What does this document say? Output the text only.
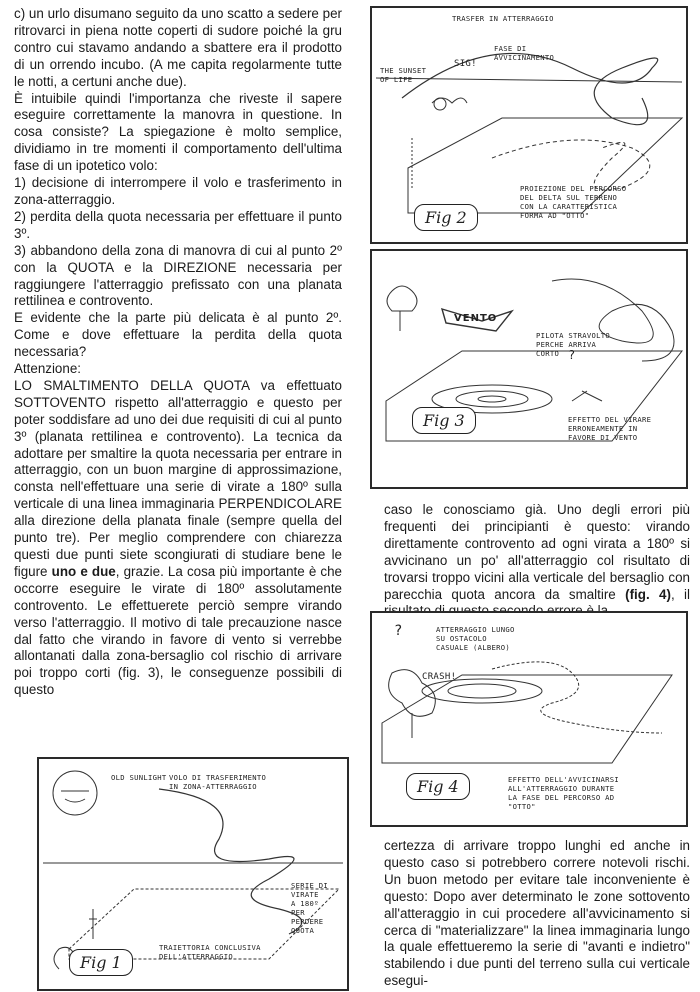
c) un urlo disumano seguito da uno scatto a sedere per ritrovarci in piena notte coperti di sudore poiché la gru contro cui stavamo andando a sbattere era il prodotto di un orrendo incubo. (A me capita regolarmente tutte le notti, a certuni anche due).

È intuibile quindi l'importanza che riveste il sapere eseguire correttamente la manovra in questione. In cosa consiste? La spiegazione è molto semplice, dividiamo in tre momenti il comportamento dell'ultima fase di un ipotetico volo:

1) decisione di interrompere il volo e trasferimento in zona-atterraggio.

2) perdita della quota necessaria per effettuare il punto 3º.

3) abbandono della zona di manovra di cui al punto 2º con la QUOTA e la DIREZIONE necessaria per raggiungere l'atterraggio prefissato con una planata rettilinea e controvento.

E evidente che la parte più delicata è al punto 2º. Come e dove effettuare la perdita della quota necessaria?

Attenzione:

LO SMALTIMENTO DELLA QUOTA va effettuato SOTTOVENTO rispetto all'atterraggio e questo per poter soddisfare ad uno dei due requisiti di cui al punto 3º (planata rettilinea e controvento). La tecnica da adottare per smaltire la quota necessaria per entrare in atterraggio, con un buon margine di approssimazione, consta nell'effettuare una serie di virate a 180º sulla verticale di una linea immaginaria PERPENDICOLARE alla direzione della planata finale (sempre quella del punto tre). Per meglio comprendere con chiarezza questi due punti siete scongiurati di studiare bene le figure uno e due, grazie. La cosa più importante è che occorre eseguire le virate di 180º assolutamente controvento. Le effettuerete perciò sempre virando verso l'atterraggio. Il motivo di tale precauzione nasce dal fatto che virando in favore di vento si verrebbe allontanati dalla zona-bersaglio col rischio di arrivare poi troppo corti (fig. 3), le conseguenze possibili di questo

caso le conosciamo già. Uno degli errori più frequenti dei principianti è questo: virando direttamente controvento ad ogni virata a 180º si avvicinano un po' all'atterraggio col risultato di trovarsi troppo vicini alla verticale del bersaglio con parecchia quota ancora da smaltire (fig. 4), il

certezza di arrivare troppo lunghi ed anche in questo caso si potrebbero correre notevoli rischi. Un buon metodo per evitare tale inconveniente è questo: Dopo aver determinato le zone sottovento all'atteraggio in cui procedere all'avvicinamento si cerca di "materializzare" la linea immaginaria lungo la quale effettueremo la serie di "avanti e indietro" stabilendo i due punti del terreno sulla cui verticale esegui-

TRASFER IN ATTERRAGGIO

FASE DI

AVVICINAMENTO

THE SUNSET

OF LIFE

SIG!

PROIEZIONE DEL PERCORSO

DEL DELTA SUL TERRENO

CON LA CARATTERISTICA

FORMA AD "OTTO"

Fig 2
VENTO

PILOTA STRAVOLTO

PERCHE ARRIVA

CORTO ?

EFFETTO DEL VIRARE

ERRONEAMENTE IN

FAVORE DI VENTO

Fig 3

ATTERRAGGIO LUNGO

SU OSTACOLO

CASUALE (ALBERO)

CRASH!
?

EFFETTO DELL'AVVICINARSI

ALL'ATTERRAGGIO DURANTE

LA FASE DEL PERCORSO AD

"OTTO"

Fig 4
OLD SUNLIGHT VOLO DI TRASFERIMENTO

IN ZONA-ATTERRAGGIO

SERIE DI

VIRATE

A 180º

PER

PERDERE

QUOTA

TRAIETTORIA CONCLUSIVA

DELL'ATTERRAGGIO

Fig 1
